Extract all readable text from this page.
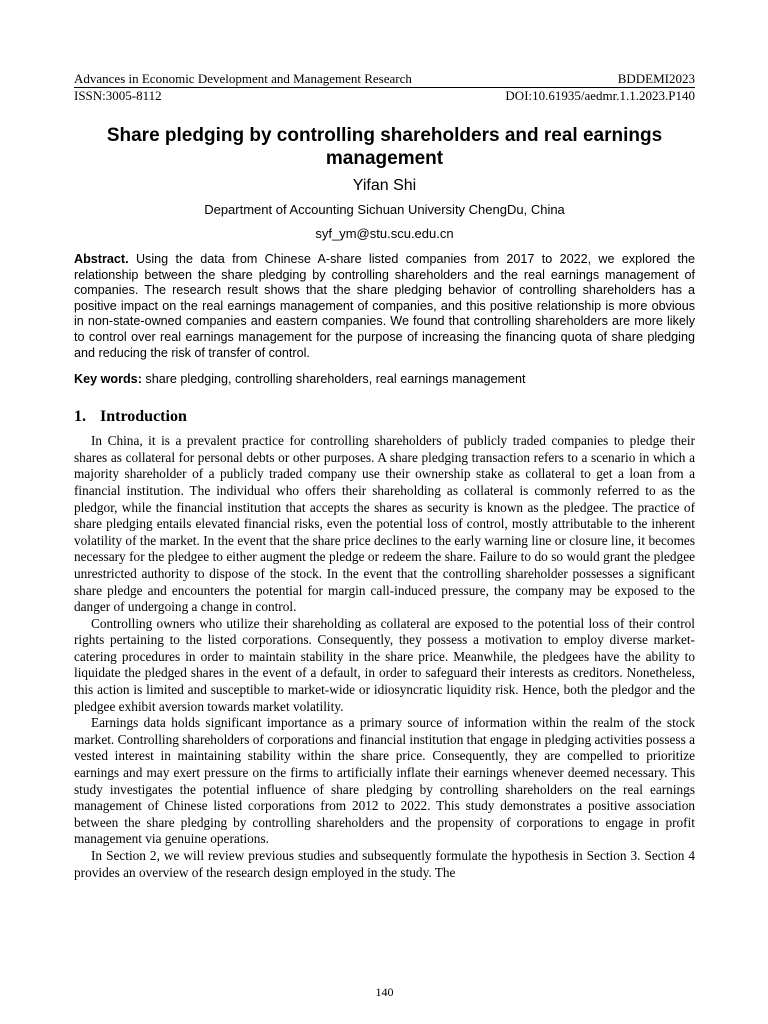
Advances in Economic Development and Management Research	BDDEMI2023
ISSN:3005-8112	DOI:10.61935/aedmr.1.1.2023.P140
Share pledging by controlling shareholders and real earnings management
Yifan Shi
Department of Accounting Sichuan University ChengDu, China
syf_ym@stu.scu.edu.cn
Abstract. Using the data from Chinese A-share listed companies from 2017 to 2022, we explored the relationship between the share pledging by controlling shareholders and the real earnings management of companies. The research result shows that the share pledging behavior of controlling shareholders has a positive impact on the real earnings management of companies, and this positive relationship is more obvious in non-state-owned companies and eastern companies. We found that controlling shareholders are more likely to control over real earnings management for the purpose of increasing the financing quota of share pledging and reducing the risk of transfer of control.
Key words: share pledging, controlling shareholders, real earnings management
1. Introduction

In China, it is a prevalent practice for controlling shareholders of publicly traded companies to pledge their shares as collateral for personal debts or other purposes. A share pledging transaction refers to a scenario in which a majority shareholder of a publicly traded company use their ownership stake as collateral to get a loan from a financial institution. The individual who offers their shareholding as collateral is commonly referred to as the pledgor, while the financial institution that accepts the shares as security is known as the pledgee. The practice of share pledging entails elevated financial risks, even the potential loss of control, mostly attributable to the inherent volatility of the market. In the event that the share price declines to the early warning line or closure line, it becomes necessary for the pledgee to either augment the pledge or redeem the share. Failure to do so would grant the pledgee unrestricted authority to dispose of the stock. In the event that the controlling shareholder possesses a significant share pledge and encounters the potential for margin call-induced pressure, the company may be exposed to the danger of undergoing a change in control.

Controlling owners who utilize their shareholding as collateral are exposed to the potential loss of their control rights pertaining to the listed corporations. Consequently, they possess a motivation to employ diverse market-catering procedures in order to maintain stability in the share price. Meanwhile, the pledgees have the ability to liquidate the pledged shares in the event of a default, in order to safeguard their interests as creditors. Nonetheless, this action is limited and susceptible to market-wide or idiosyncratic liquidity risk. Hence, both the pledgor and the pledgee exhibit aversion towards market volatility.

Earnings data holds significant importance as a primary source of information within the realm of the stock market. Controlling shareholders of corporations and financial institution that engage in pledging activities possess a vested interest in maintaining stability within the share price. Consequently, they are compelled to prioritize earnings and may exert pressure on the firms to artificially inflate their earnings whenever deemed necessary. This study investigates the potential influence of share pledging by controlling shareholders on the real earnings management of Chinese listed corporations from 2012 to 2022. This study demonstrates a positive association between the share pledging by controlling shareholders and the propensity of corporations to engage in profit management via genuine operations.

In Section 2, we will review previous studies and subsequently formulate the hypothesis in Section 3. Section 4 provides an overview of the research design employed in the study. The

140
